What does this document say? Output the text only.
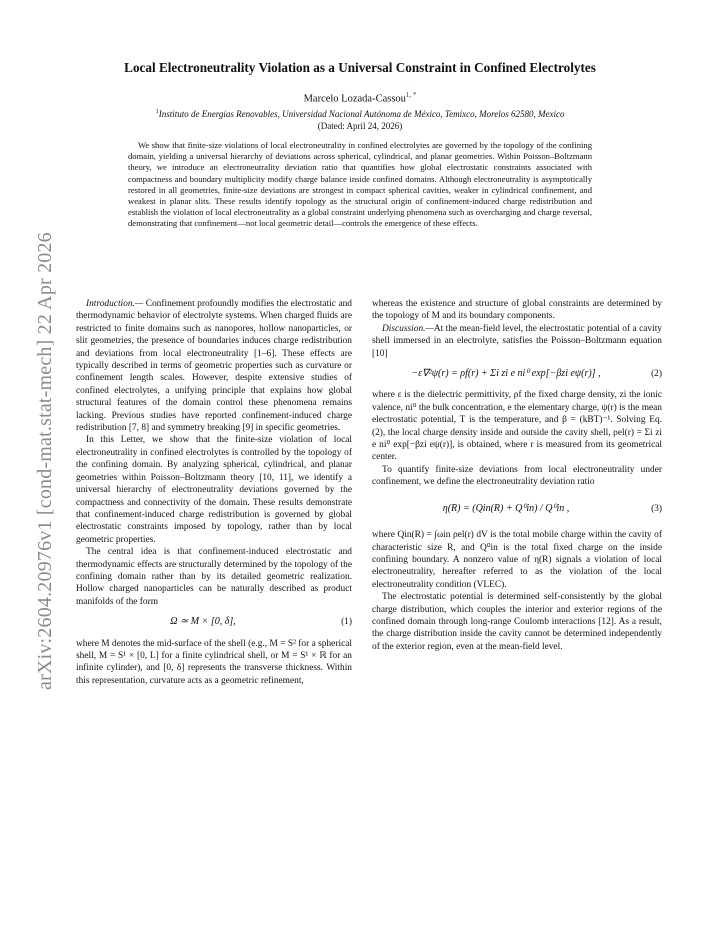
arXiv:2604.20976v1 [cond-mat.stat-mech] 22 Apr 2026
Local Electroneutrality Violation as a Universal Constraint in Confined Electrolytes
Marcelo Lozada-Cassou$^{1, *}$
$^1$Instituto de Energías Renovables, Universidad Nacional Autónoma de México, Temixco, Morelos 62580, Mexico
(Dated: April 24, 2026)
We show that finite-size violations of local electroneutrality in confined electrolytes are governed by the topology of the confining domain, yielding a universal hierarchy of deviations across spherical, cylindrical, and planar geometries. Within Poisson–Boltzmann theory, we introduce an electroneutrality deviation ratio that quantifies how global electrostatic constraints associated with compactness and boundary multiplicity modify charge balance inside confined domains. Although electroneutrality is asymptotically restored in all geometries, finite-size deviations are strongest in compact spherical cavities, weaker in cylindrical confinement, and weakest in planar slits. These results identify topology as the structural origin of confinement-induced charge redistribution and establish the violation of local electroneutrality as a global constraint underlying phenomena such as overcharging and charge reversal, demonstrating that confinement—not local geometric detail—controls the emergence of these effects.

Introduction.— Confinement profoundly modifies the electrostatic and thermodynamic behavior of electrolyte systems. When charged fluids are restricted to finite domains such as nanopores, hollow nanoparticles, or slit geometries, the presence of boundaries induces charge redistribution and deviations from local electroneutrality [1–6]. These effects are typically described in terms of geometric properties such as curvature or confinement length scales. However, despite extensive studies of confined electrolytes, a unifying principle that explains how global structural features of the domain control these phenomena remains lacking. Previous studies have reported confinement-induced charge redistribution [7, 8] and symmetry breaking [9] in specific geometries.

In this Letter, we show that the finite-size violation of local electroneutrality in confined electrolytes is controlled by the topology of the confining domain. By analyzing spherical, cylindrical, and planar geometries within Poisson–Boltzmann theory [10, 11], we identify a universal hierarchy of electroneutrality deviations governed by the compactness and connectivity of the domain. These results demonstrate that confinement-induced charge redistribution is governed by global electrostatic constraints imposed by topology, rather than by local geometric properties.

The central idea is that confinement-induced electrostatic and thermodynamic effects are structurally determined by the topology of the confining domain rather than by its detailed geometric realization. Hollow charged nanoparticles can be naturally described as product manifolds of the form

Ω ≃ M × [0, δ],	(1)

where M denotes the mid-surface of the shell (e.g., M = S² for a spherical shell, M = S¹ × [0, L] for a finite cylindrical shell, or M = S¹ × ℝ for an infinite cylinder), and [0, δ] represents the transverse thickness. Within this representation, curvature acts as a geometric refinement,

whereas the existence and structure of global constraints are determined by the topology of M and its boundary components.

Discussion.—At the mean-field level, the electrostatic potential of a cavity shell immersed in an electrolyte, satisfies the Poisson–Boltzmann equation [10]

−ε∇²ψ(r) = ρf(r) + Σi zi e ni⁰ exp[−βzi eψ(r)] ,	(2)

where ε is the dielectric permittivity, ρf the fixed charge density, zi the ionic valence, ni⁰ the bulk concentration, e the elementary charge, ψ(r) is the mean electrostatic potential, T is the temperature, and β = (kBT)⁻¹. Solving Eq. (2), the local charge density inside and outside the cavity shell, ρel(r) = Σi zi e ni⁰ exp[−βzi eψ(r)], is obtained, where r is measured from its geometrical center.

To quantify finite-size deviations from local electroneutrality under confinement, we define the electroneutrality deviation ratio

η(R) = (Qin(R) + Q⁰in) / Q⁰in ,	(3)

where Qin(R) = ∫ωin ρel(r) dV is the total mobile charge within the cavity of characteristic size R, and Q⁰in is the total fixed charge on the inside confining boundary. A nonzero value of η(R) signals a violation of local electroneutrality, hereafter referred to as the violation of the local electroneutrality condition (VLEC).

The electrostatic potential is determined self-consistently by the global charge distribution, which couples the interior and exterior regions of the confined domain through long-range Coulomb interactions [12]. As a result, the charge distribution inside the cavity cannot be determined independently of the exterior region, even at the mean-field level.
